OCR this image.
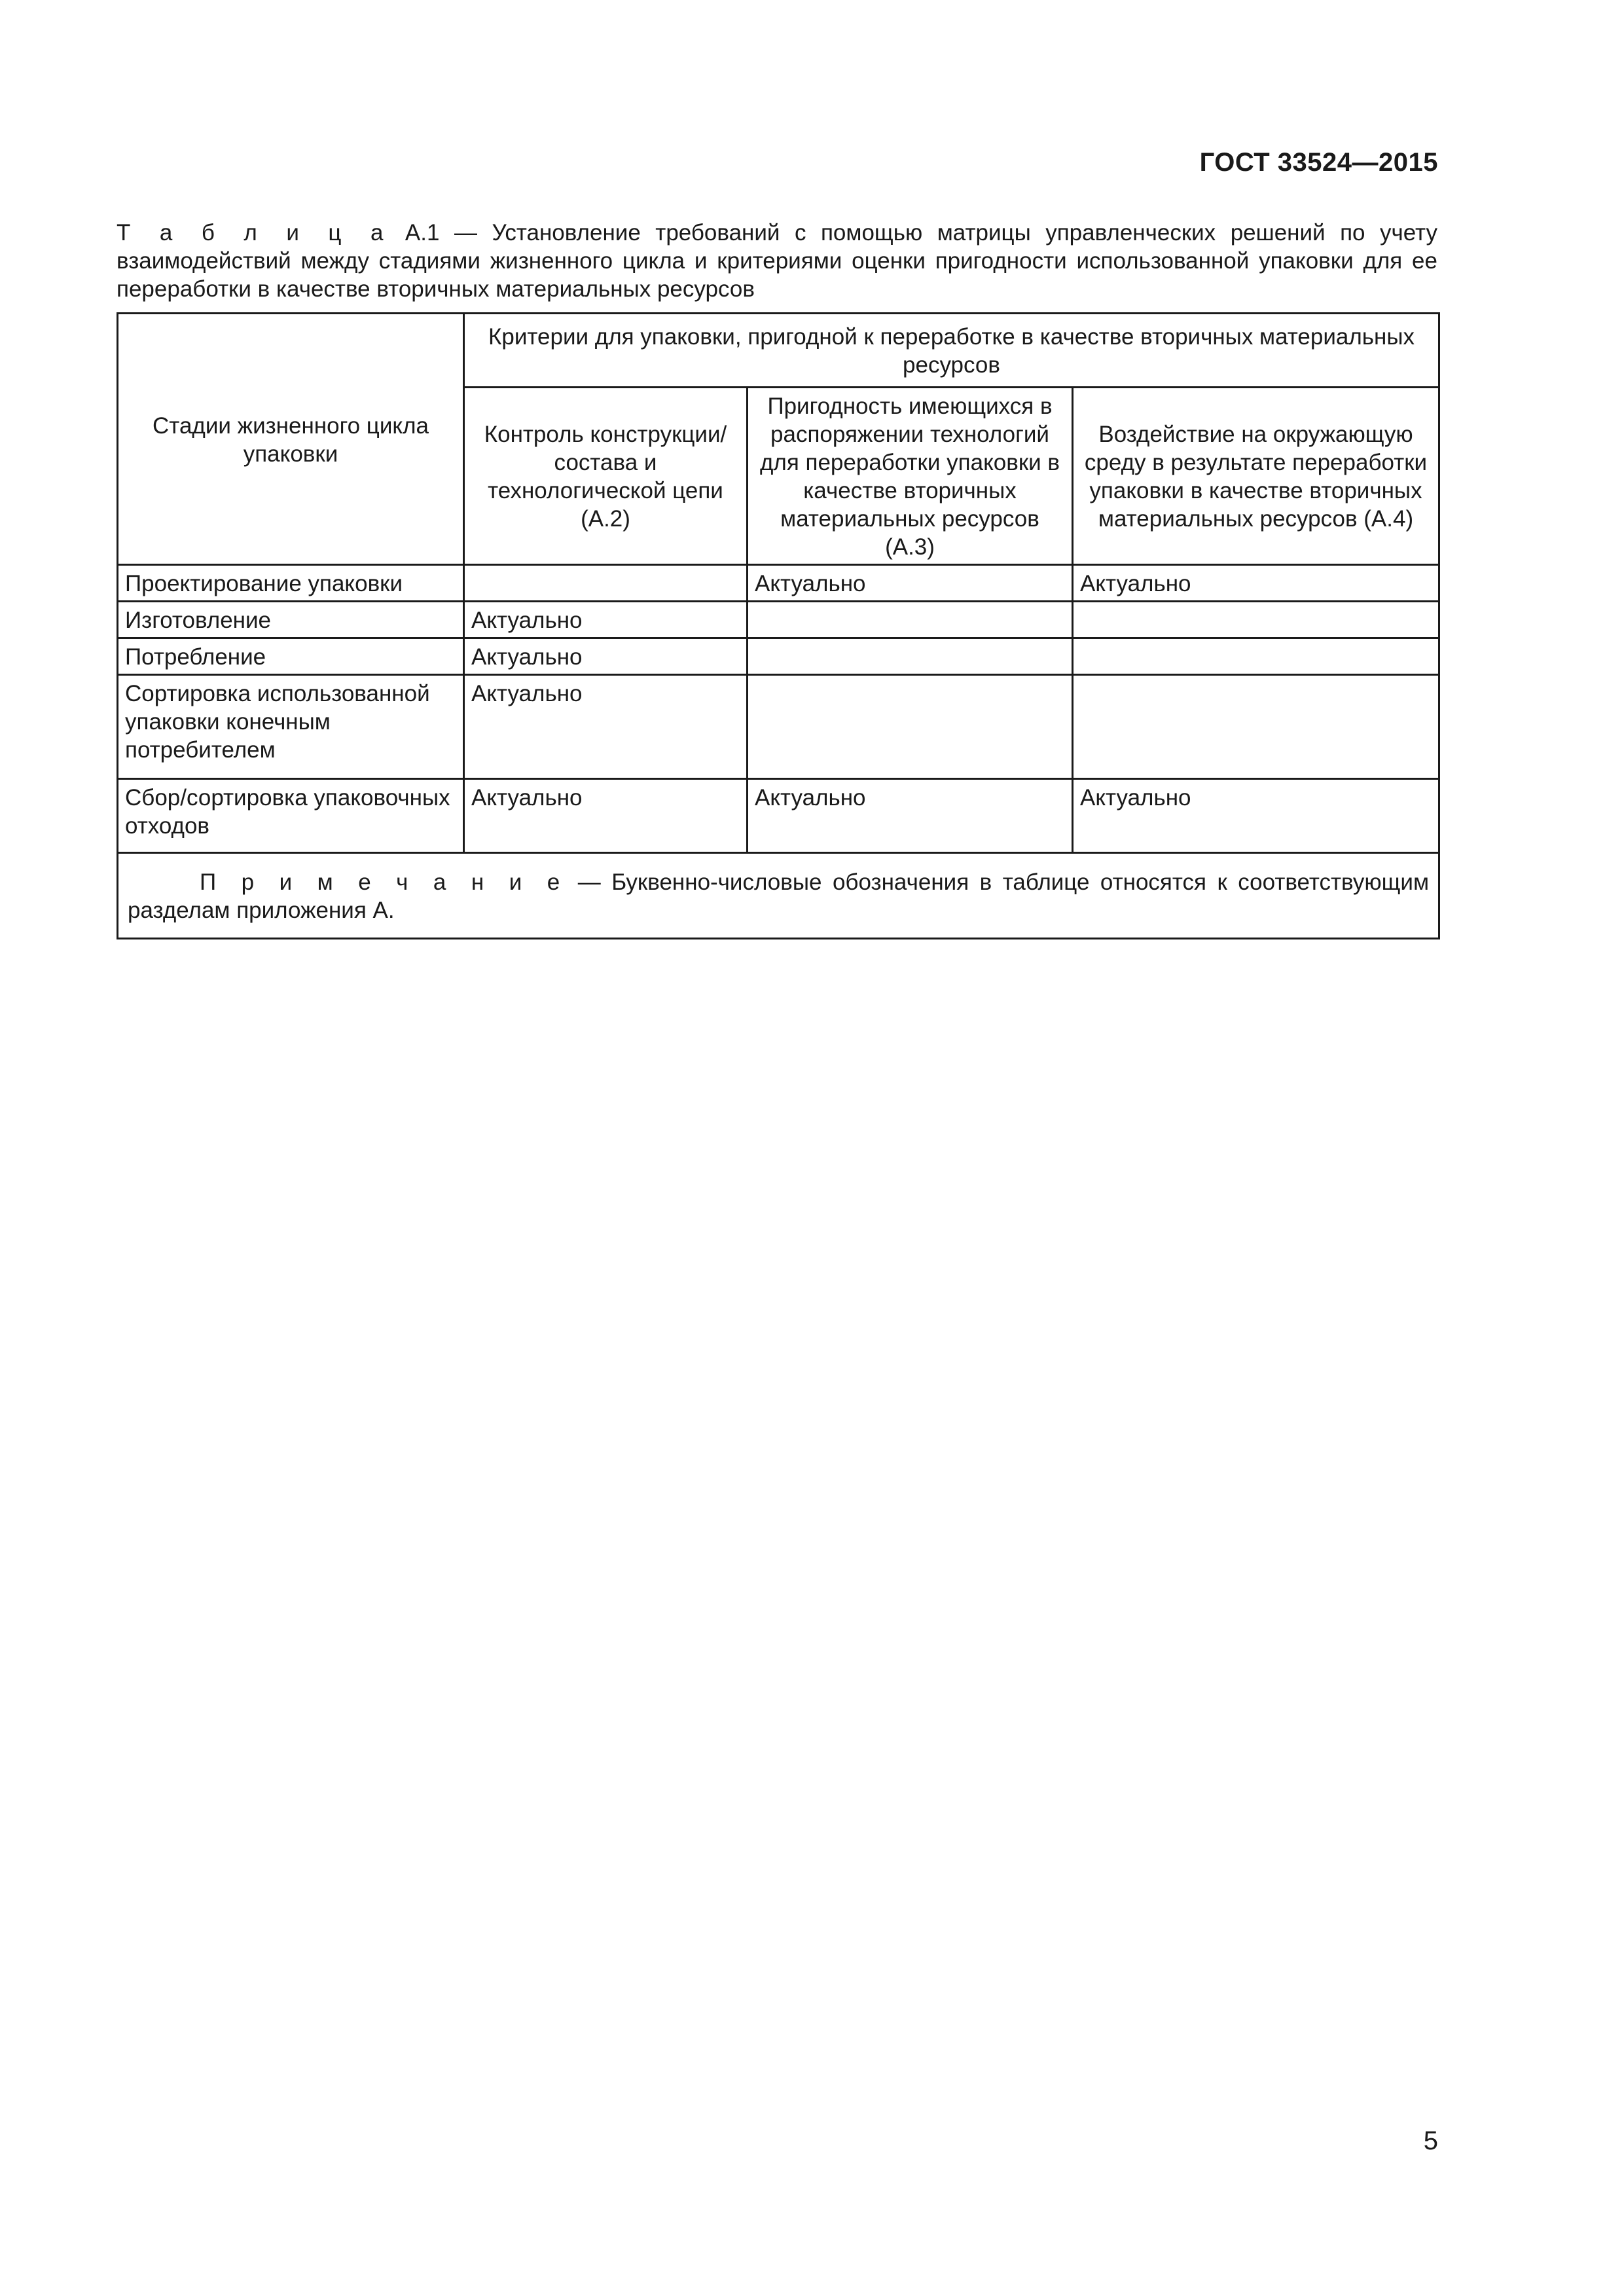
ГОСТ 33524—2015
Т а б л и ц а А.1 — Установление требований с помощью матрицы управленческих решений по учету взаимодействий между стадиями жизненного цикла и критериями оценки пригодности использованной упаковки для ее переработки в качестве вторичных материальных ресурсов
Стадии жизненного цикла упаковки	Критерии для упаковки, пригодной к переработке в качестве вторичных материальных ресурсов		
	Контроль конструкции/состава и технологической цепи (А.2)	Пригодность имеющихся в распоряжении технологий для переработки упаковки в качестве вторичных материальных ресурсов (А.3)	Воздействие на окружающую среду в результате переработки упаковки в качестве вторичных материальных ресурсов (А.4)
Проектирование упаковки		Актуально	Актуально
Изготовление	Актуально		
Потребление	Актуально		
Сортировка использованной упаковки конечным потребителем	Актуально		
Сбор/сортировка упаковочных отходов	Актуально	Актуально	Актуально
П р и м е ч а н и е — Буквенно-числовые обозначения в таблице относятся к соответствующим разделам приложения А.			
5
